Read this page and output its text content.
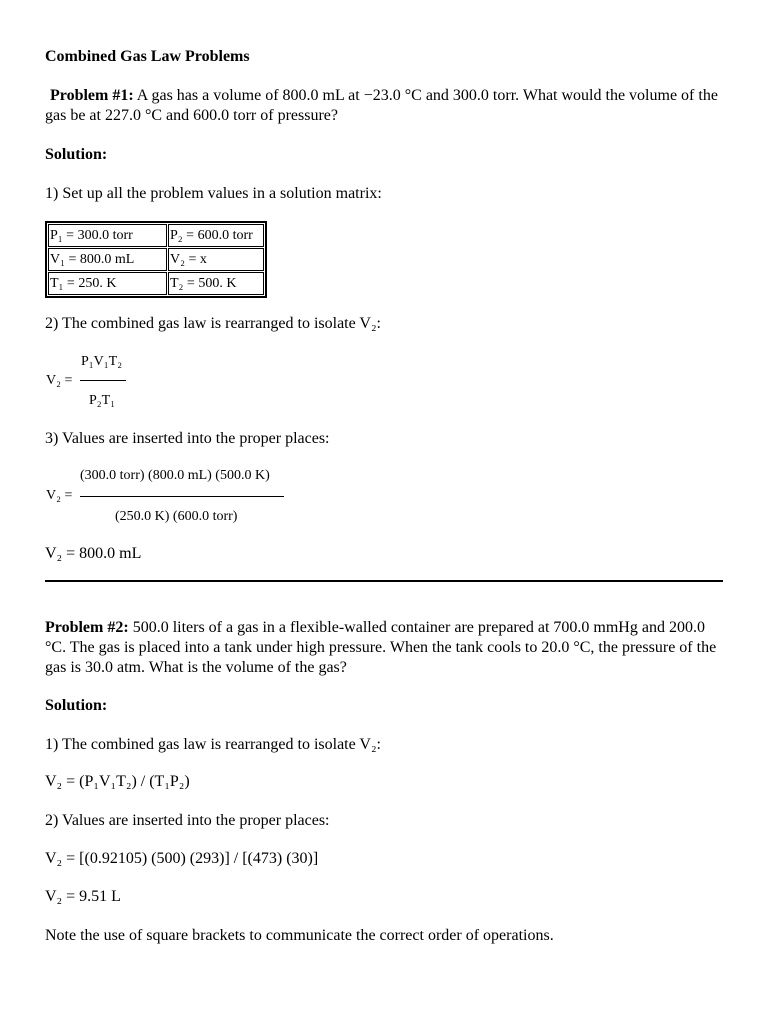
Combined Gas Law Problems
Problem #1: A gas has a volume of 800.0 mL at −23.0 °C and 300.0 torr. What would the volume of the gas be at 227.0 °C and 600.0 torr of pressure?
Solution:
1) Set up all the problem values in a solution matrix:
P₁ = 300.0 torr	P₂ = 600.0 torr
V₁ = 800.0 mL	V₂ = x
T₁ = 250. K	T₂ = 500. K
2) The combined gas law is rearranged to isolate V₂:
P₁V₁T₂
V₂ =
P₂T₁
3) Values are inserted into the proper places:
(300.0 torr) (800.0 mL) (500.0 K)
V₂ =
(250.0 K) (600.0 torr)
V₂ = 800.0 mL
Problem #2: 500.0 liters of a gas in a flexible-walled container are prepared at 700.0 mmHg and 200.0 °C. The gas is placed into a tank under high pressure. When the tank cools to 20.0 °C, the pressure of the gas is 30.0 atm. What is the volume of the gas?
Solution:
1) The combined gas law is rearranged to isolate V₂:
V₂ = (P₁V₁T₂) / (T₁P₂)
2) Values are inserted into the proper places:
V₂ = [(0.92105) (500) (293)] / [(473) (30)]
V₂ = 9.51 L
Note the use of square brackets to communicate the correct order of operations.
